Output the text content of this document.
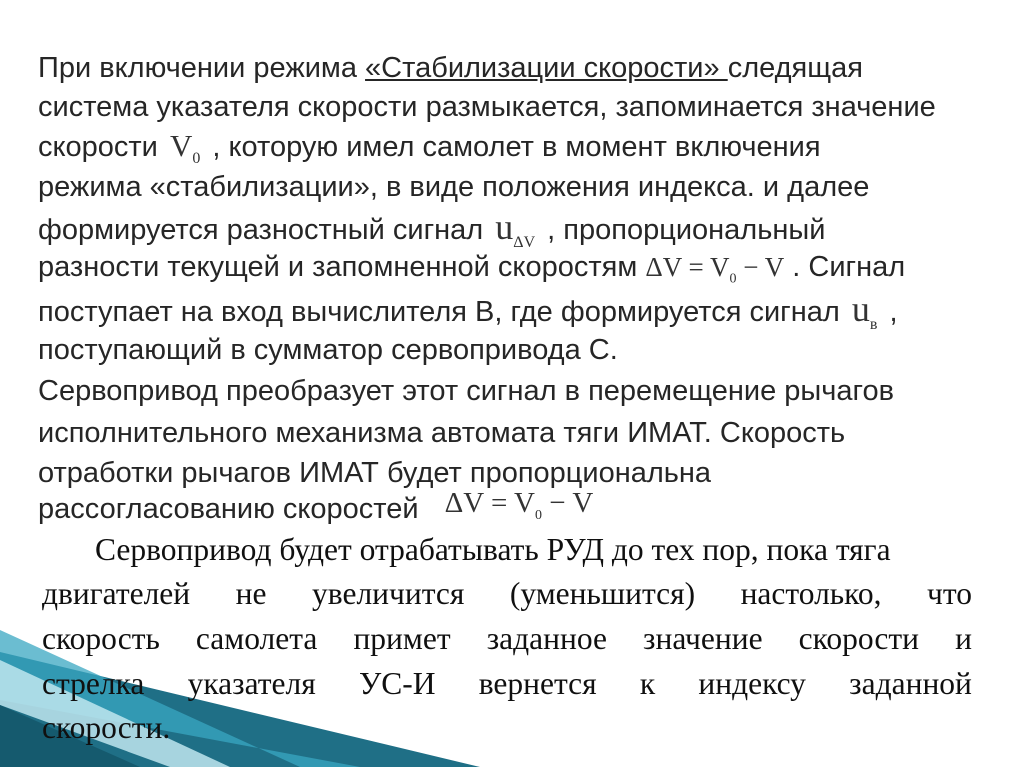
При включении режима «Стабилизации скорости» следящая
система указателя скорости размыкается, запоминается значение
скорости $V_0$ , которую имел самолет в момент включения
режима «стабилизации», в виде положения индекса. и далее
формируется разностный сигнал $u_{\Delta V}$ , пропорциональный
разности текущей и запомненной скоростям $\Delta V = V_0 - V$ . Сигнал
поступает на вход вычислителя В, где формируется сигнал $u_в$ ,
поступающий в сумматор сервопривода С.
Сервопривод преобразует этот сигнал в перемещение рычагов
исполнительного механизма автомата тяги ИМАТ. Скорость
отработки рычагов ИМАТ будет пропорциональна
рассогласованию скоростей $\Delta V = V_0 - V$
Сервопривод будет отрабатывать РУД до тех пор, пока тяга
двигателей не увеличится (уменьшится) настолько, что
скорость самолета примет заданное значение скорости и
стрелка указателя УС-И вернется к индексу заданной
скорости.
